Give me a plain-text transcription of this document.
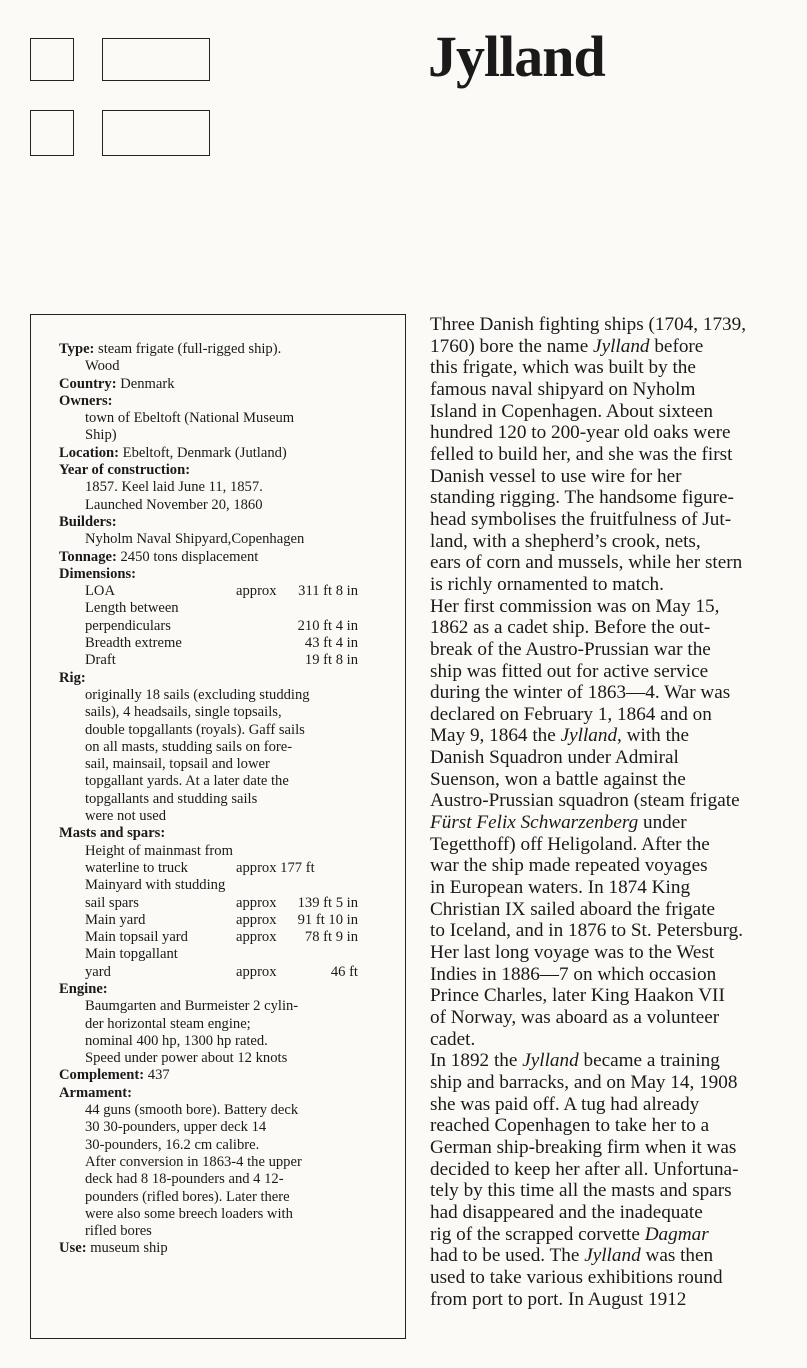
Jylland
Type: steam frigate (full-rigged ship).
Wood
Country: Denmark
Owners:
town of Ebeltoft (National Museum
Ship)
Location: Ebeltoft, Denmark (Jutland)
Year of construction:
1857. Keel laid June 11, 1857.
Launched November 20, 1860
Builders:
Nyholm Naval Shipyard,Copenhagen
Tonnage: 2450 tons displacement
Dimensions:
LOA	approx 311 ft 8 in
Length between
perpendiculars	210 ft 4 in
Breadth extreme	43 ft 4 in
Draft	19 ft 8 in
Rig:
originally 18 sails (excluding studding
sails), 4 headsails, single topsails,
double topgallants (royals). Gaff sails
on all masts, studding sails on fore-
sail, mainsail, topsail and lower
topgallant yards. At a later date the
topgallants and studding sails
were not used
Masts and spars:
Height of mainmast from
waterline to truck	approx 177 ft
Mainyard with studding
sail spars	approx 139 ft 5 in
Main yard	approx 91 ft 10 in
Main topsail yard	approx 78 ft 9 in
Main topgallant
yard	approx	46 ft
Engine:
Baumgarten and Burmeister 2 cylin-
der horizontal steam engine;
nominal 400 hp, 1300 hp rated.
Speed under power about 12 knots
Complement: 437
Armament:
44 guns (smooth bore). Battery deck
30 30-pounders, upper deck 14
30-pounders, 16.2 cm calibre.
After conversion in 1863-4 the upper
deck had 8 18-pounders and 4 12-
pounders (rifled bores). Later there
were also some breech loaders with
rifled bores
Use: museum ship
Three Danish fighting ships (1704, 1739,
1760) bore the name Jylland before
this frigate, which was built by the
famous naval shipyard on Nyholm
Island in Copenhagen. About sixteen
hundred 120 to 200-year old oaks were
felled to build her, and she was the first
Danish vessel to use wire for her
standing rigging. The handsome figure-
head symbolises the fruitfulness of Jut-
land, with a shepherd’s crook, nets,
ears of corn and mussels, while her stern
is richly ornamented to match.
Her first commission was on May 15,
1862 as a cadet ship. Before the out-
break of the Austro-Prussian war the
ship was fitted out for active service
during the winter of 1863—4. War was
declared on February 1, 1864 and on
May 9, 1864 the Jylland, with the
Danish Squadron under Admiral
Suenson, won a battle against the
Austro-Prussian squadron (steam frigate
Fürst Felix Schwarzenberg under
Tegetthoff) off Heligoland. After the
war the ship made repeated voyages
in European waters. In 1874 King
Christian IX sailed aboard the frigate
to Iceland, and in 1876 to St. Petersburg.
Her last long voyage was to the West
Indies in 1886—7 on which occasion
Prince Charles, later King Haakon VII
of Norway, was aboard as a volunteer
cadet.
In 1892 the Jylland became a training
ship and barracks, and on May 14, 1908
she was paid off. A tug had already
reached Copenhagen to take her to a
German ship-breaking firm when it was
decided to keep her after all. Unfortuna-
tely by this time all the masts and spars
had disappeared and the inadequate
rig of the scrapped corvette Dagmar
had to be used. The Jylland was then
used to take various exhibitions round
from port to port. In August 1912
